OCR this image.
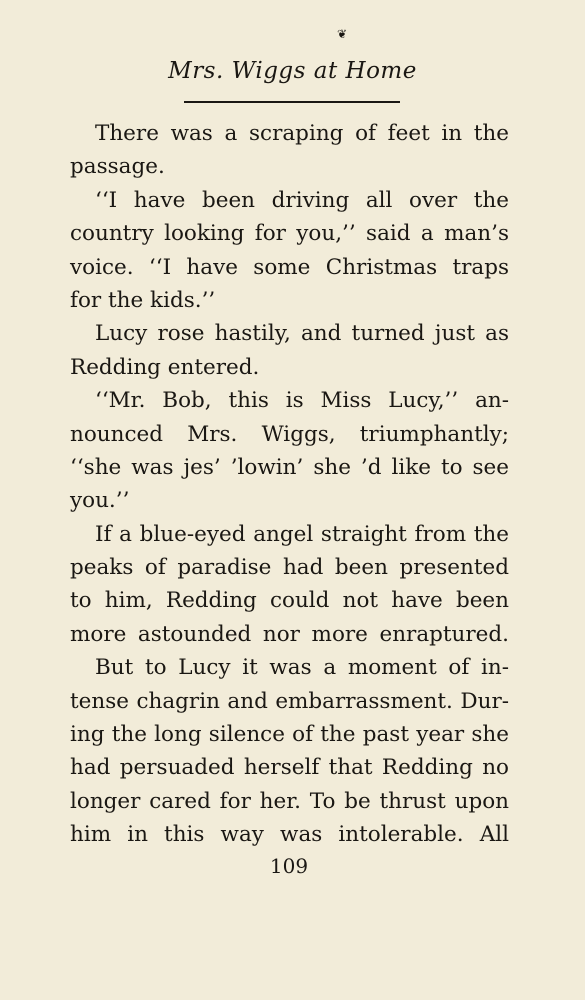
❦
Mrs. Wiggs at Home
There was a scraping of feet in the
passage.
‘‘I have been driving all over the
country looking for you,’’ said a man’s
voice. ‘‘I have some Christmas traps
for the kids.’’
Lucy rose hastily, and turned just as
Redding entered.
‘‘Mr. Bob, this is Miss Lucy,’’ an-
nounced Mrs. Wiggs, triumphantly;
‘‘she was jes’ ’lowin’ she ’d like to see
you.’’
If a blue-eyed angel straight from the
peaks of paradise had been presented
to him, Redding could not have been
more astounded nor more enraptured.
But to Lucy it was a moment of in-
tense chagrin and embarrassment. Dur-
ing the long silence of the past year she
had persuaded herself that Redding no
longer cared for her. To be thrust upon
him in this way was intolerable. All
109
